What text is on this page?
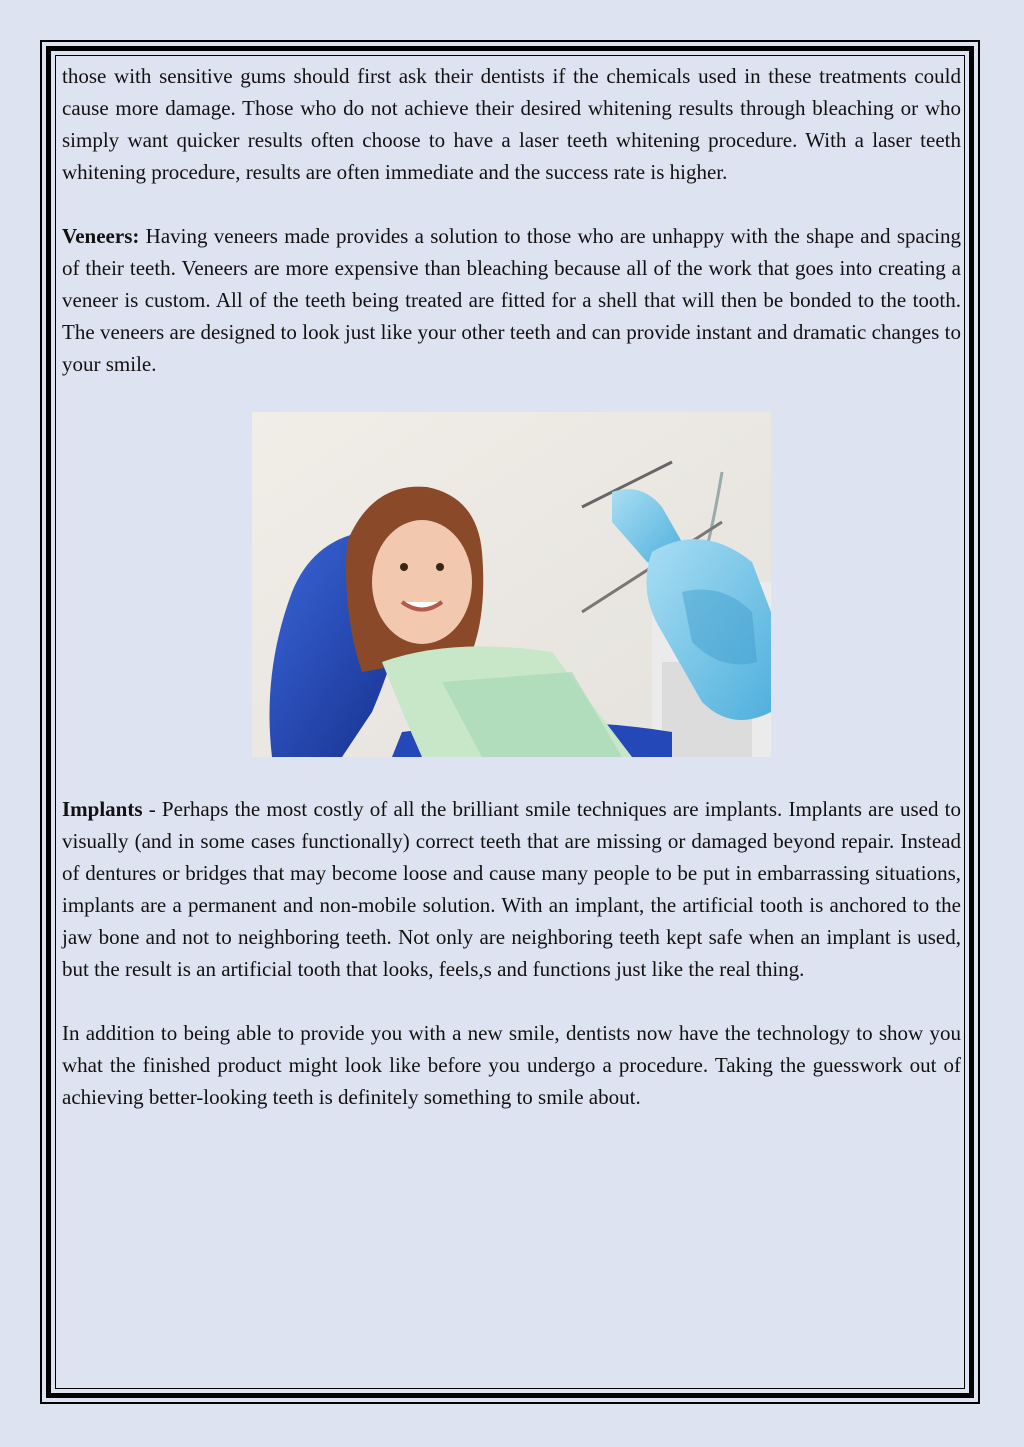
those with sensitive gums should first ask their dentists if the chemicals used in these treatments could cause more damage. Those who do not achieve their desired whitening results through bleaching or who simply want quicker results often choose to have a laser teeth whitening procedure. With a laser teeth whitening procedure, results are often immediate and the success rate is higher.

Veneers: Having veneers made provides a solution to those who are unhappy with the shape and spacing of their teeth. Veneers are more expensive than bleaching because all of the work that goes into creating a veneer is custom. All of the teeth being treated are fitted for a shell that will then be bonded to the tooth. The veneers are designed to look just like your other teeth and can provide instant and dramatic changes to your smile.

Implants - Perhaps the most costly of all the brilliant smile techniques are implants. Implants are used to visually (and in some cases functionally) correct teeth that are missing or damaged beyond repair. Instead of dentures or bridges that may become loose and cause many people to be put in embarrassing situations, implants are a permanent and non-mobile solution. With an implant, the artificial tooth is anchored to the jaw bone and not to neighboring teeth. Not only are neighboring teeth kept safe when an implant is used, but the result is an artificial tooth that looks, feels,s and functions just like the real thing.

In addition to being able to provide you with a new smile, dentists now have the technology to show you what the finished product might look like before you undergo a procedure. Taking the guesswork out of achieving better-looking teeth is definitely something to smile about.
